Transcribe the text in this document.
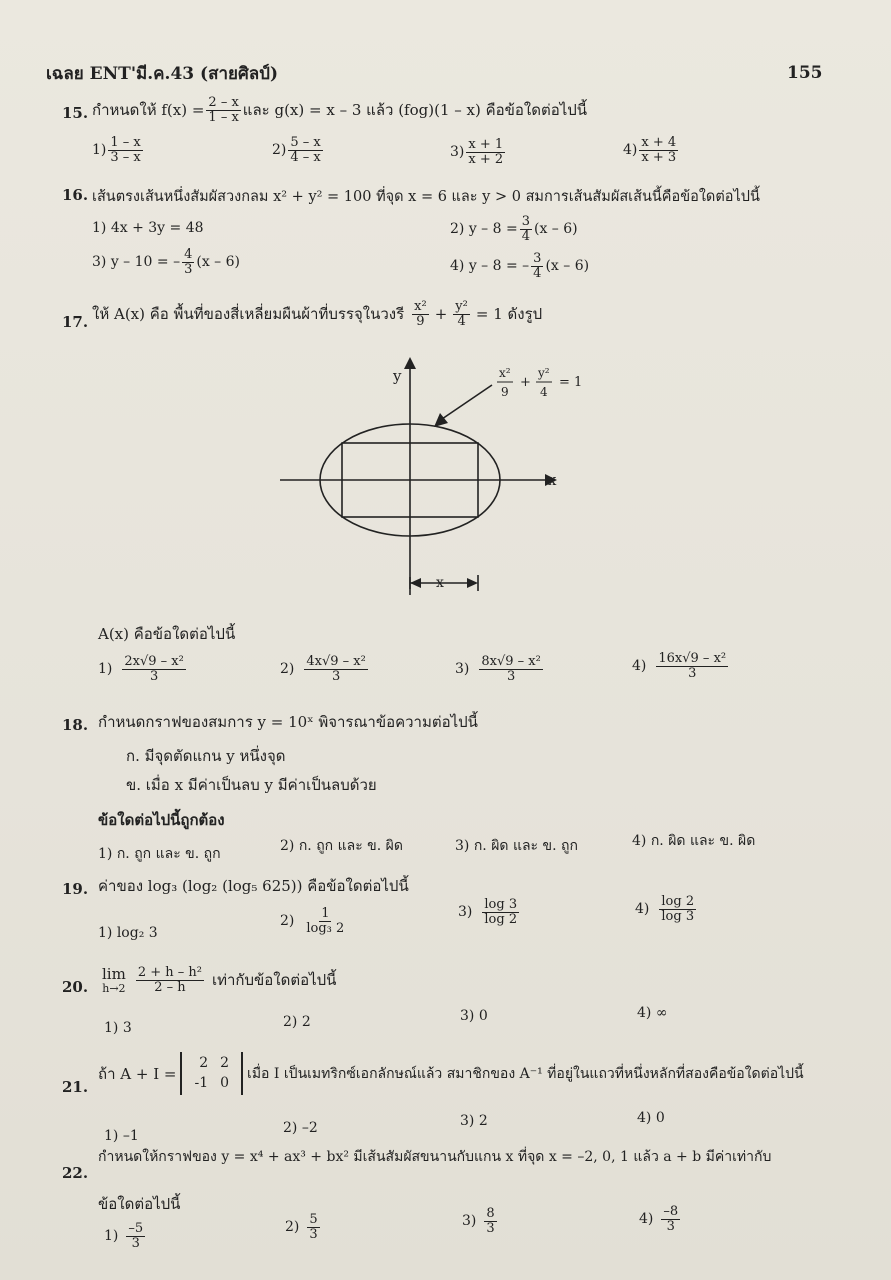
เฉลย ENT'มี.ค.43 (สายศิลป์)	155
15. กำหนดให้ $f(x) = \frac{2 - x}{1 - x}$ และ g(x) = x – 3 แล้ว (fog)(1 – x) คือข้อใดต่อไปนี้
$1) \frac{1 - x}{3 - x}$	$2) \frac{5 - x}{4 - x}$	$3) \frac{x + 1}{x + 2}$	$4) \frac{x + 4}{x + 3}$
16. เส้นตรงเส้นหนึ่งสัมผัสวงกลม x² + y² = 100 ที่จุด x = 6 และ y > 0 สมการเส้นสัมผัสเส้นนี้คือข้อใดต่อไปนี้
1) 4x + 3y = 48	2) $y - 8 = \frac{3}{4} (x - 6)$
3) y – 10 = – $\frac{4}{3} (x - 6)$	4) y – 8 = – $\frac{3}{4} (x - 6)$
17. ให้ A(x) คือ พื้นที่ของสี่เหลี่ยมผืนผ้าที่บรรจุในวงรี $\frac{\text{x²}}{9} + \frac{\text{y²}}{4} = 1$ ดังรูป
y
x
x
x²
9
+
y²
4
= 1
A(x) คือข้อใดต่อไปนี้
$1) \frac{\text{2x√9 – x²}}{3}$	$2) \frac{\text{4x√9 – x²}}{3}$	$3) \frac{\text{8x√9 – x²}}{3}$	$4) \frac{\text{16x√9 – x²}}{3}$
18. กำหนดกราฟของสมการ y = 10ˣ พิจารณาข้อความต่อไปนี้
ก. มีจุดตัดแกน y หนึ่งจุด
ข. เมื่อ x มีค่าเป็นลบ y มีค่าเป็นลบด้วย
ข้อใดต่อไปนี้ถูกต้อง
1) ก. ถูก และ ข. ถูก	2) ก. ถูก และ ข. ผิด	3) ก. ผิด และ ข. ถูก	4) ก. ผิด และ ข. ผิด
19. ค่าของ log₃ (log₂ (log₅ 625)) คือข้อใดต่อไปนี้
1) log₂ 3
$2) \frac{1}{\text{log₃ 2}}$	$3) \frac{\log 3}{\log 2}$	$4) \frac{\log 2}{\log 3}$
20.
lim
$h\to 2 \frac{\text{2 + h – h²}}{2 - h}$ เท่ากับข้อใดต่อไปนี้
1) 3	2) 2	3) 0	4) ∞
21.
ถ้า A + I =
2	2
-1	0
เมื่อ I เป็นเมทริกซ์เอกลักษณ์แล้ว สมาชิกของ A⁻¹ ที่อยู่ในแถวที่หนึ่งหลักที่สองคือข้อใดต่อไปนี้
1) –1	2) –2	3) 2	4) 0
22.
กำหนดให้กราฟของ y = x⁴ + ax³ + bx² มีเส้นสัมผัสขนานกับแกน x ที่จุด x = –2, 0, 1 แล้ว a + b มีค่าเท่ากับ
ข้อใดต่อไปนี้
$1) \frac{-5}{3}$	$2) \frac{5}{3}$	$3) \frac{8}{3}$	$4) \frac{-8}{3}$
